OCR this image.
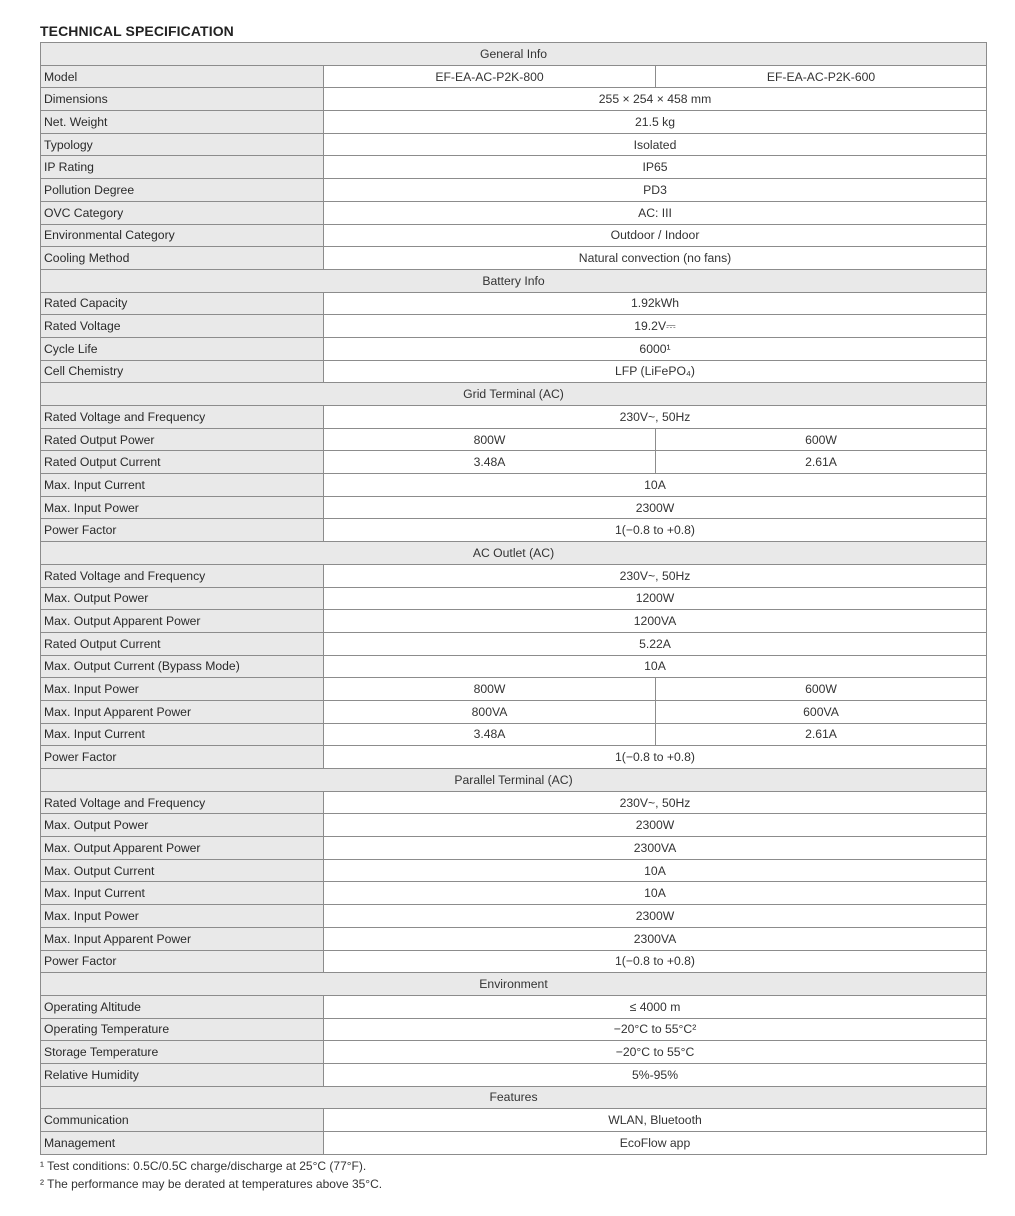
TECHNICAL SPECIFICATION
General Info		
Model	EF-EA-AC-P2K-800	EF-EA-AC-P2K-600
Dimensions	255 × 254 × 458 mm	
Net. Weight	21.5 kg	
Typology	Isolated	
IP Rating	IP65	
Pollution Degree	PD3	
OVC Category	AC: III	
Environmental Category	Outdoor / Indoor	
Cooling Method	Natural convection (no fans)	
Battery Info		
Rated Capacity	1.92kWh	
Rated Voltage	19.2V⎓	
Cycle Life	6000¹	
Cell Chemistry	LFP (LiFePO₄)	
Grid Terminal (AC)		
Rated Voltage and Frequency	230V~, 50Hz	
Rated Output Power	800W	600W
Rated Output Current	3.48A	2.61A
Max. Input Current	10A	
Max. Input Power	2300W	
Power Factor	1(−0.8 to +0.8)	
AC Outlet (AC)		
Rated Voltage and Frequency	230V~, 50Hz	
Max. Output Power	1200W	
Max. Output Apparent Power	1200VA	
Rated Output Current	5.22A	
Max. Output Current (Bypass Mode)	10A	
Max. Input Power	800W	600W
Max. Input Apparent Power	800VA	600VA
Max. Input Current	3.48A	2.61A
Power Factor	1(−0.8 to +0.8)	
Parallel Terminal (AC)		
Rated Voltage and Frequency	230V~, 50Hz	
Max. Output Power	2300W	
Max. Output Apparent Power	2300VA	
Max. Output Current	10A	
Max. Input Current	10A	
Max. Input Power	2300W	
Max. Input Apparent Power	2300VA	
Power Factor	1(−0.8 to +0.8)	
Environment		
Operating Altitude	≤ 4000 m	
Operating Temperature	−20°C to 55°C²	
Storage Temperature	−20°C to 55°C	
Relative Humidity	5%-95%	
Features		
Communication	WLAN, Bluetooth	
Management	EcoFlow app	
¹ Test conditions: 0.5C/0.5C charge/discharge at 25°C (77°F).
² The performance may be derated at temperatures above 35°C.
